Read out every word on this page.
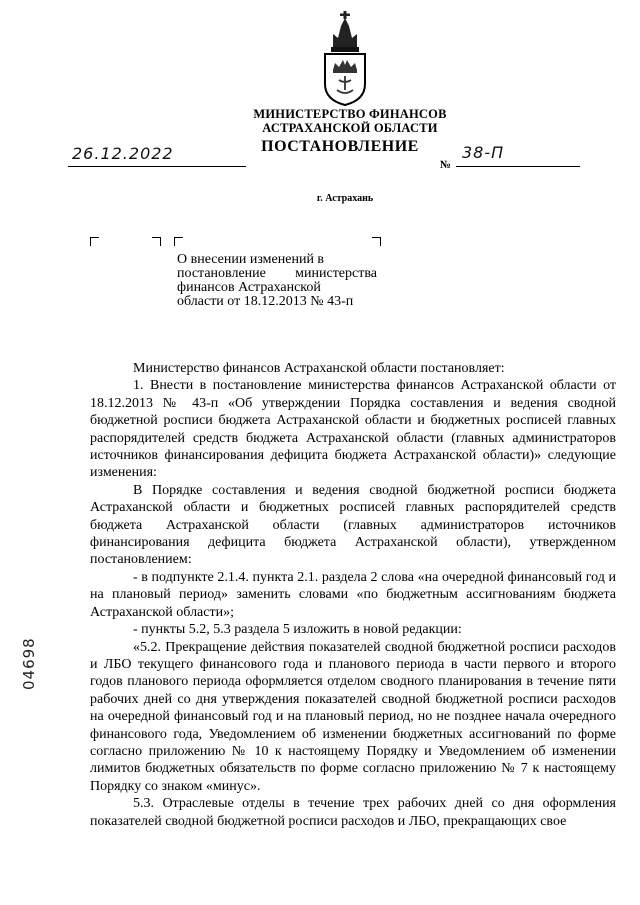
МИНИСТЕРСТВО ФИНАНСОВ
АСТРАХАНСКОЙ ОБЛАСТИ
ПОСТАНОВЛЕНИЕ
26.12.2022
№
38-П
г. Астрахань
О внесении изменений в
постановление министерства
финансов Астраханской
области от 18.12.2013 № 43-п

Министерство финансов Астраханской области постановляет:

1. Внести в постановление министерства финансов Астраханской области от 18.12.2013 № 43-п «Об утверждении Порядка составления и ведения сводной бюджетной росписи бюджета Астраханской области и бюджетных росписей главных распорядителей средств бюджета Астраханской области (главных администраторов источников финансирования дефицита бюджета Астраханской области)» следующие изменения:

В Порядке составления и ведения сводной бюджетной росписи бюджета Астраханской области и бюджетных росписей главных распорядителей средств бюджета Астраханской области (главных администраторов источников финансирования дефицита бюджета Астраханской области), утвержденном постановлением:

- в подпункте 2.1.4. пункта 2.1. раздела 2 слова «на очередной финансовый год и на плановый период» заменить словами «по бюджетным ассигнованиям бюджета Астраханской области»;

- пункты 5.2, 5.3 раздела 5 изложить в новой редакции:

«5.2. Прекращение действия показателей сводной бюджетной росписи расходов и ЛБО текущего финансового года и планового периода в части первого и второго годов планового периода оформляется отделом сводного планирования в течение пяти рабочих дней со дня утверждения показателей сводной бюджетной росписи расходов на очередной финансовый год и на плановый период, но не позднее начала очередного финансового года, Уведомлением об изменении бюджетных ассигнований по форме согласно приложению № 10 к настоящему Порядку и Уведомлением об изменении лимитов бюджетных обязательств по форме согласно приложению № 7 к настоящему Порядку со знаком «минус».

5.3. Отраслевые отделы в течение трех рабочих дней со дня оформления показателей сводной бюджетной росписи расходов и ЛБО, прекращающих свое

04698
